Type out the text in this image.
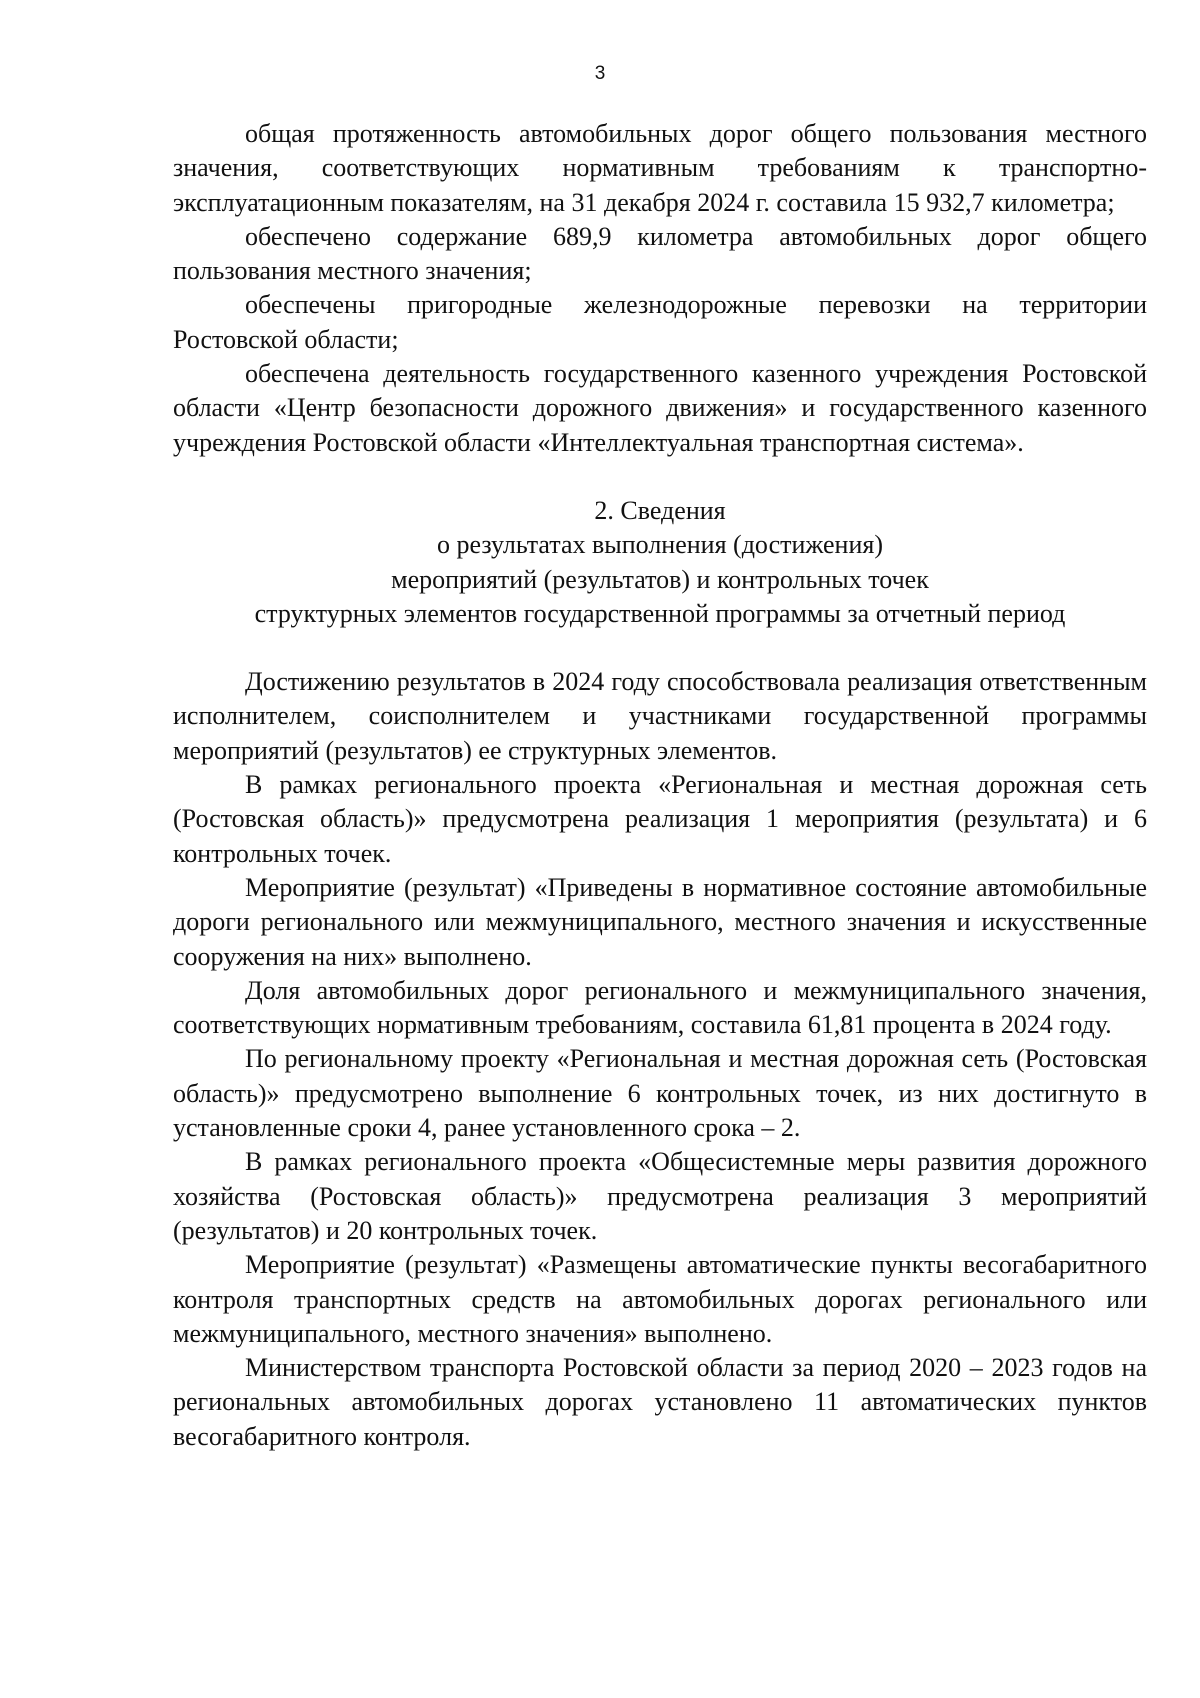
3

общая протяженность автомобильных дорог общего пользования местного значения, соответствующих нормативным требованиям к транспортно-эксплуатационным показателям, на 31 декабря 2024 г. составила 15 932,7 километра;

обеспечено содержание 689,9 километра автомобильных дорог общего пользования местного значения;

обеспечены пригородные железнодорожные перевозки на территории Ростовской области;

обеспечена деятельность государственного казенного учреждения Ростовской области «Центр безопасности дорожного движения» и государственного казенного учреждения Ростовской области «Интеллектуальная транспортная система».

2. Сведения
о результатах выполнения (достижения)
мероприятий (результатов) и контрольных точек
структурных элементов государственной программы за отчетный период

Достижению результатов в 2024 году способствовала реализация ответственным исполнителем, соисполнителем и участниками государственной программы мероприятий (результатов) ее структурных элементов.

В рамках регионального проекта «Региональная и местная дорожная сеть (Ростовская область)» предусмотрена реализация 1 мероприятия (результата) и 6 контрольных точек.

Мероприятие (результат) «Приведены в нормативное состояние автомобильные дороги регионального или межмуниципального, местного значения и искусственные сооружения на них» выполнено.

Доля автомобильных дорог регионального и межмуниципального значения, соответствующих нормативным требованиям, составила 61,81 процента в 2024 году.

По региональному проекту «Региональная и местная дорожная сеть (Ростовская область)» предусмотрено выполнение 6 контрольных точек, из них достигнуто в установленные сроки 4, ранее установленного срока – 2.

В рамках регионального проекта «Общесистемные меры развития дорожного хозяйства (Ростовская область)» предусмотрена реализация 3 мероприятий (результатов) и 20 контрольных точек.

Мероприятие (результат) «Размещены автоматические пункты весогабаритного контроля транспортных средств на автомобильных дорогах регионального или межмуниципального, местного значения» выполнено.

Министерством транспорта Ростовской области за период 2020 – 2023 годов на региональных автомобильных дорогах установлено 11 автоматических пунктов весогабаритного контроля.
